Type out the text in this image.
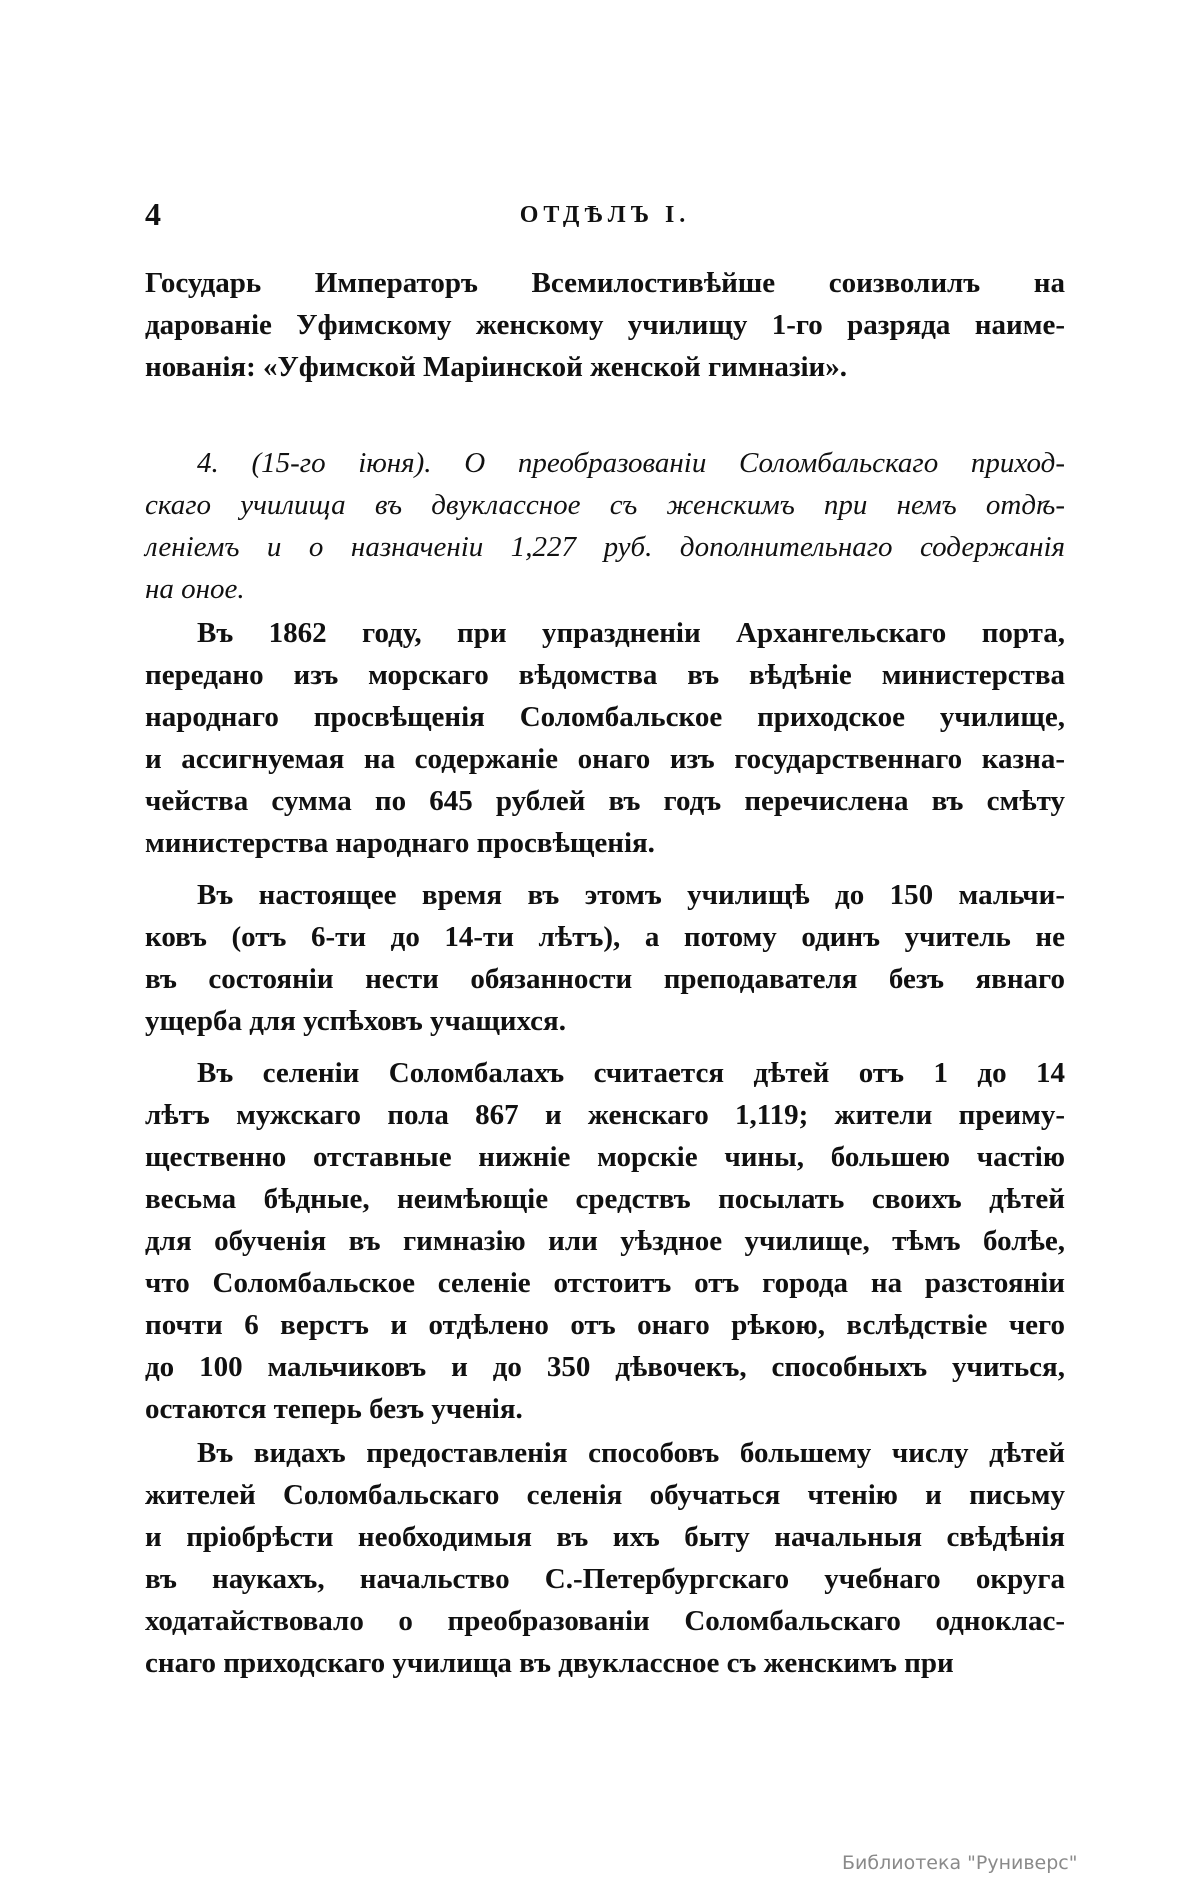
4	ОТДѢЛЪ I.
Государь Императоръ Всемилостивѣйше соизволилъ на
дарованіе Уфимскому женскому училищу 1-го разряда наиме-
нованія: «Уфимской Маріинской женской гимназіи».
4. (15-го іюня). О преобразованіи Соломбальскаго приход-
скаго училища въ двуклассное съ женскимъ при немъ отдѣ-
леніемъ и о назначеніи 1,227 руб. дополнительнаго содержанія
на оное.
Въ 1862 году, при упраздненіи Архангельскаго порта,
передано изъ морскаго вѣдомства въ вѣдѣніе министерства
народнаго просвѣщенія Соломбальское приходское училище,
и ассигнуемая на содержаніе онаго изъ государственнаго казна-
чейства сумма по 645 рублей въ годъ перечислена въ смѣту
министерства народнаго просвѣщенія.
Въ настоящее время въ этомъ училищѣ до 150 мальчи-
ковъ (отъ 6-ти до 14-ти лѣтъ), а потому одинъ учитель не
въ состояніи нести обязанности преподавателя безъ явнаго
ущерба для успѣховъ учащихся.
Въ селеніи Соломбалахъ считается дѣтей отъ 1 до 14
лѣтъ мужскаго пола 867 и женскаго 1,119; жители преиму-
щественно отставные нижніе морскіе чины, большею частію
весьма бѣдные, неимѣющіе средствъ посылать своихъ дѣтей
для обученія въ гимназію или уѣздное училище, тѣмъ болѣе,
что Соломбальское селеніе отстоитъ отъ города на разстояніи
почти 6 верстъ и отдѣлено отъ онаго рѣкою, вслѣдствіе чего
до 100 мальчиковъ и до 350 дѣвочекъ, способныхъ учиться,
остаются теперь безъ ученія.
Въ видахъ предоставленія способовъ большему числу дѣтей
жителей Соломбальскаго селенія обучаться чтенію и письму
и пріобрѣсти необходимыя въ ихъ быту начальныя свѣдѣнія
въ наукахъ, начальство С.-Петербургскаго учебнаго округа
ходатайствовало о преобразованіи Соломбальскаго однoклас-
снаго приходскаго училища въ двуклассное съ женскимъ при
Библиотека "Руниверс"
